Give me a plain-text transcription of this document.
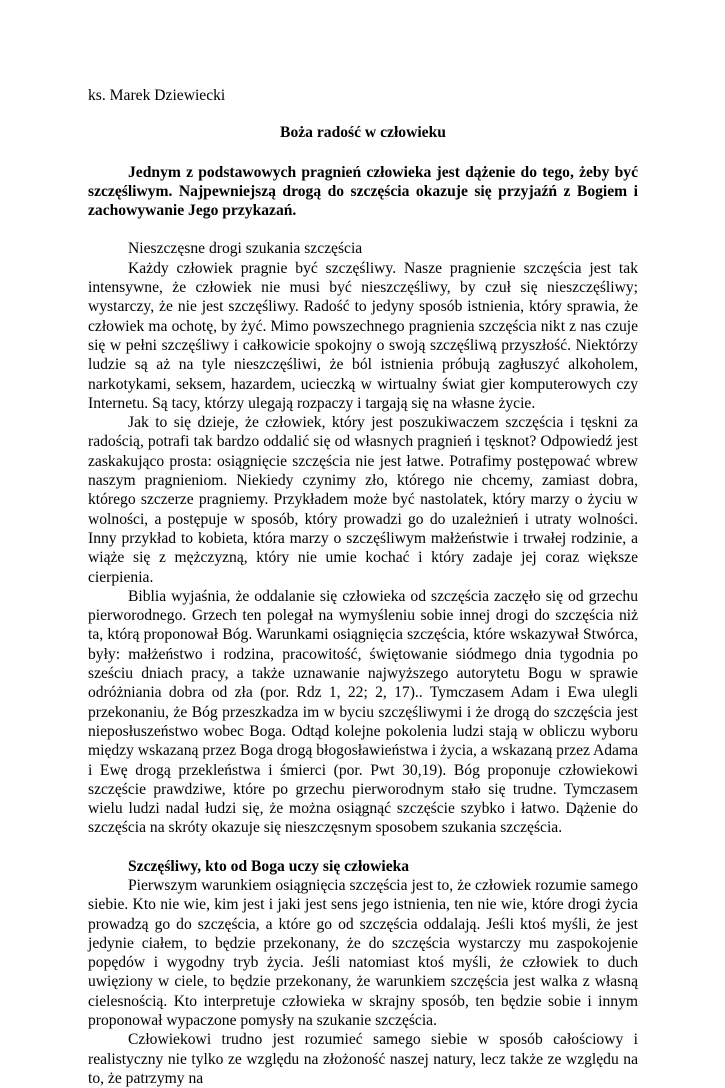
ks. Marek Dziewiecki

Boża radość w człowieku

Jednym z podstawowych pragnień człowieka jest dążenie do tego, żeby być szczęśliwym. Najpewniejszą drogą do szczęścia okazuje się przyjaźń z Bogiem i zachowywanie Jego przykazań.

Nieszczęsne drogi szukania szczęścia

Każdy człowiek pragnie być szczęśliwy. Nasze pragnienie szczęścia jest tak intensywne, że człowiek nie musi być nieszczęśliwy, by czuł się nieszczęśliwy; wystarczy, że nie jest szczęśliwy. Radość to jedyny sposób istnienia, który sprawia, że człowiek ma ochotę, by żyć. Mimo powszechnego pragnienia szczęścia nikt z nas czuje się w pełni szczęśliwy i całkowicie spokojny o swoją szczęśliwą przyszłość. Niektórzy ludzie są aż na tyle nieszczęśliwi, że ból istnienia próbują zagłuszyć alkoholem, narkotykami, seksem, hazardem, ucieczką w wirtualny świat gier komputerowych czy Internetu. Są tacy, którzy ulegają rozpaczy i targają się na własne życie.

Jak to się dzieje, że człowiek, który jest poszukiwaczem szczęścia i tęskni za radością, potrafi tak bardzo oddalić się od własnych pragnień i tęsknot? Odpowiedź jest zaskakująco prosta: osiągnięcie szczęścia nie jest łatwe. Potrafimy postępować wbrew naszym pragnieniom. Niekiedy czynimy zło, którego nie chcemy, zamiast dobra, którego szczerze pragniemy. Przykładem może być nastolatek, który marzy o życiu w wolności, a postępuje w sposób, który prowadzi go do uzależnień i utraty wolności. Inny przykład to kobieta, która marzy o szczęśliwym małżeństwie i trwałej rodzinie, a wiąże się z mężczyzną, który nie umie kochać i który zadaje jej coraz większe cierpienia.

Biblia wyjaśnia, że oddalanie się człowieka od szczęścia zaczęło się od grzechu pierworodnego. Grzech ten polegał na wymyśleniu sobie innej drogi do szczęścia niż ta, którą proponował Bóg. Warunkami osiągnięcia szczęścia, które wskazywał Stwórca, były: małżeństwo i rodzina, pracowitość, świętowanie siódmego dnia tygodnia po sześciu dniach pracy, a także uznawanie najwyższego autorytetu Bogu w sprawie odróżniania dobra od zła (por. Rdz 1, 22; 2, 17).. Tymczasem Adam i Ewa ulegli przekonaniu, że Bóg przeszkadza im w byciu szczęśliwymi i że drogą do szczęścia jest nieposłuszeństwo wobec Boga. Odtąd kolejne pokolenia ludzi stają w obliczu wyboru między wskazaną przez Boga drogą błogosławieństwa i życia, a wskazaną przez Adama i Ewę drogą przekleństwa i śmierci (por. Pwt 30,19). Bóg proponuje człowiekowi szczęście prawdziwe, które po grzechu pierworodnym stało się trudne. Tymczasem wielu ludzi nadal łudzi się, że można osiągnąć szczęście szybko i łatwo. Dążenie do szczęścia na skróty okazuje się nieszczęsnym sposobem szukania szczęścia.

Szczęśliwy, kto od Boga uczy się człowieka

Pierwszym warunkiem osiągnięcia szczęścia jest to, że człowiek rozumie samego siebie. Kto nie wie, kim jest i jaki jest sens jego istnienia, ten nie wie, które drogi życia prowadzą go do szczęścia, a które go od szczęścia oddalają. Jeśli ktoś myśli, że jest jedynie ciałem, to będzie przekonany, że do szczęścia wystarczy mu zaspokojenie popędów i wygodny tryb życia. Jeśli natomiast ktoś myśli, że człowiek to duch uwięziony w ciele, to będzie przekonany, że warunkiem szczęścia jest walka z własną cielesnością. Kto interpretuje człowieka w skrajny sposób, ten będzie sobie i innym proponował wypaczone pomysły na szukanie szczęścia.

Człowiekowi trudno jest rozumieć samego siebie w sposób całościowy i realistyczny nie tylko ze względu na złożoność naszej natury, lecz także ze względu na to, że patrzymy na
